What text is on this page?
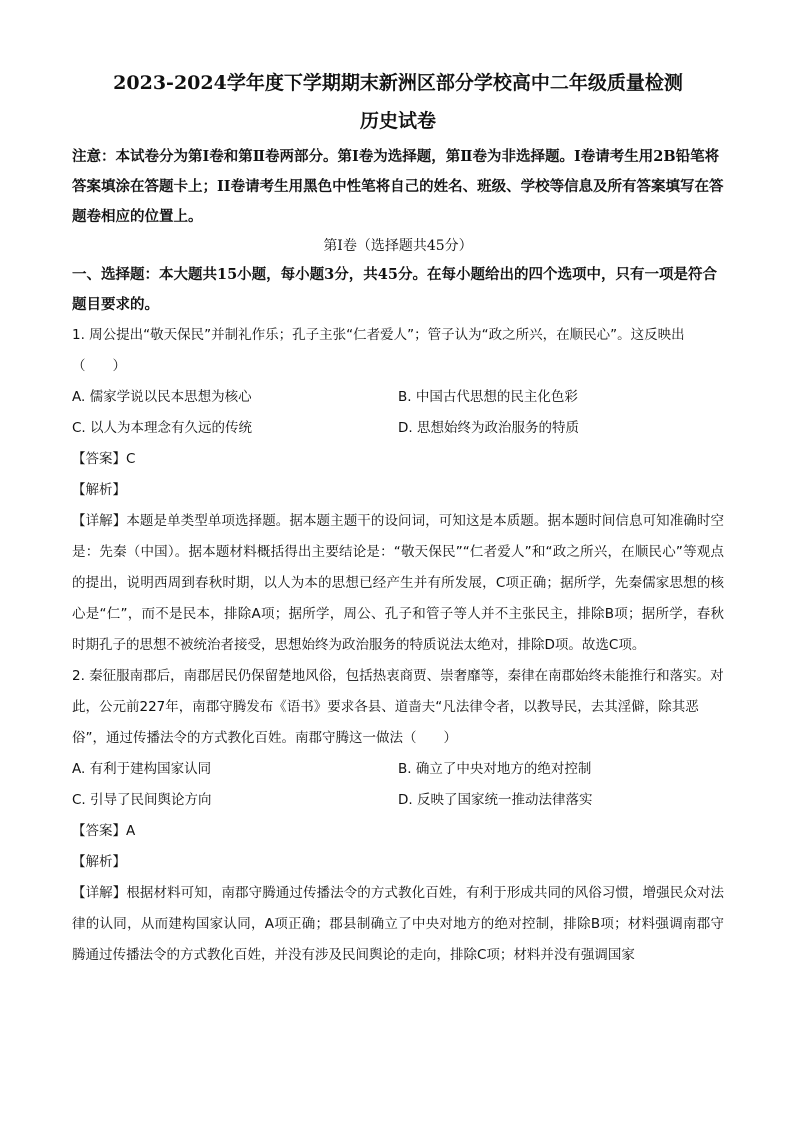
2023-2024学年度下学期期末新洲区部分学校高中二年级质量检测
历史试卷

注意：本试卷分为第Ⅰ卷和第Ⅱ卷两部分。第Ⅰ卷为选择题，第Ⅱ卷为非选择题。Ⅰ卷请考生用2B铅笔将答案填涂在答题卡上；II卷请考生用黑色中性笔将自己的姓名、班级、学校等信息及所有答案填写在答题卷相应的位置上。

第Ⅰ卷（选择题共45分）

一、选择题：本大题共15小题，每小题3分，共45分。在每小题给出的四个选项中，只有一项是符合题目要求的。

1. 周公提出“敬天保民”并制礼作乐；孔子主张“仁者爱人”；管子认为“政之所兴，在顺民心”。这反映出（　　）

A. 儒家学说以民本思想为核心	B. 中国古代思想的民主化色彩
C. 以人为本理念有久远的传统	D. 思想始终为政治服务的特质

【答案】C

【解析】

【详解】本题是单类型单项选择题。据本题主题干的设问词，可知这是本质题。据本题时间信息可知准确时空是：先秦（中国）。据本题材料概括得出主要结论是：“敬天保民”“仁者爱人”和“政之所兴，在顺民心”等观点的提出，说明西周到春秋时期，以人为本的思想已经产生并有所发展，C项正确；据所学，先秦儒家思想的核心是“仁”，而不是民本，排除A项；据所学，周公、孔子和管子等人并不主张民主，排除B项；据所学，春秋时期孔子的思想不被统治者接受，思想始终为政治服务的特质说法太绝对，排除D项。故选C项。

2. 秦征服南郡后，南郡居民仍保留楚地风俗，包括热衷商贾、崇奢靡等，秦律在南郡始终未能推行和落实。对此，公元前227年，南郡守腾发布《语书》要求各县、道啬夫“凡法律令者，以教导民，去其淫僻，除其恶俗”，通过传播法令的方式教化百姓。南郡守腾这一做法（　　）

A. 有利于建构国家认同	B. 确立了中央对地方的绝对控制
C. 引导了民间舆论方向	D. 反映了国家统一推动法律落实

【答案】A

【解析】

【详解】根据材料可知，南郡守腾通过传播法令的方式教化百姓，有利于形成共同的风俗习惯，增强民众对法律的认同，从而建构国家认同，A项正确；郡县制确立了中央对地方的绝对控制，排除B项；材料强调南郡守腾通过传播法令的方式教化百姓，并没有涉及民间舆论的走向，排除C项；材料并没有强调国家
